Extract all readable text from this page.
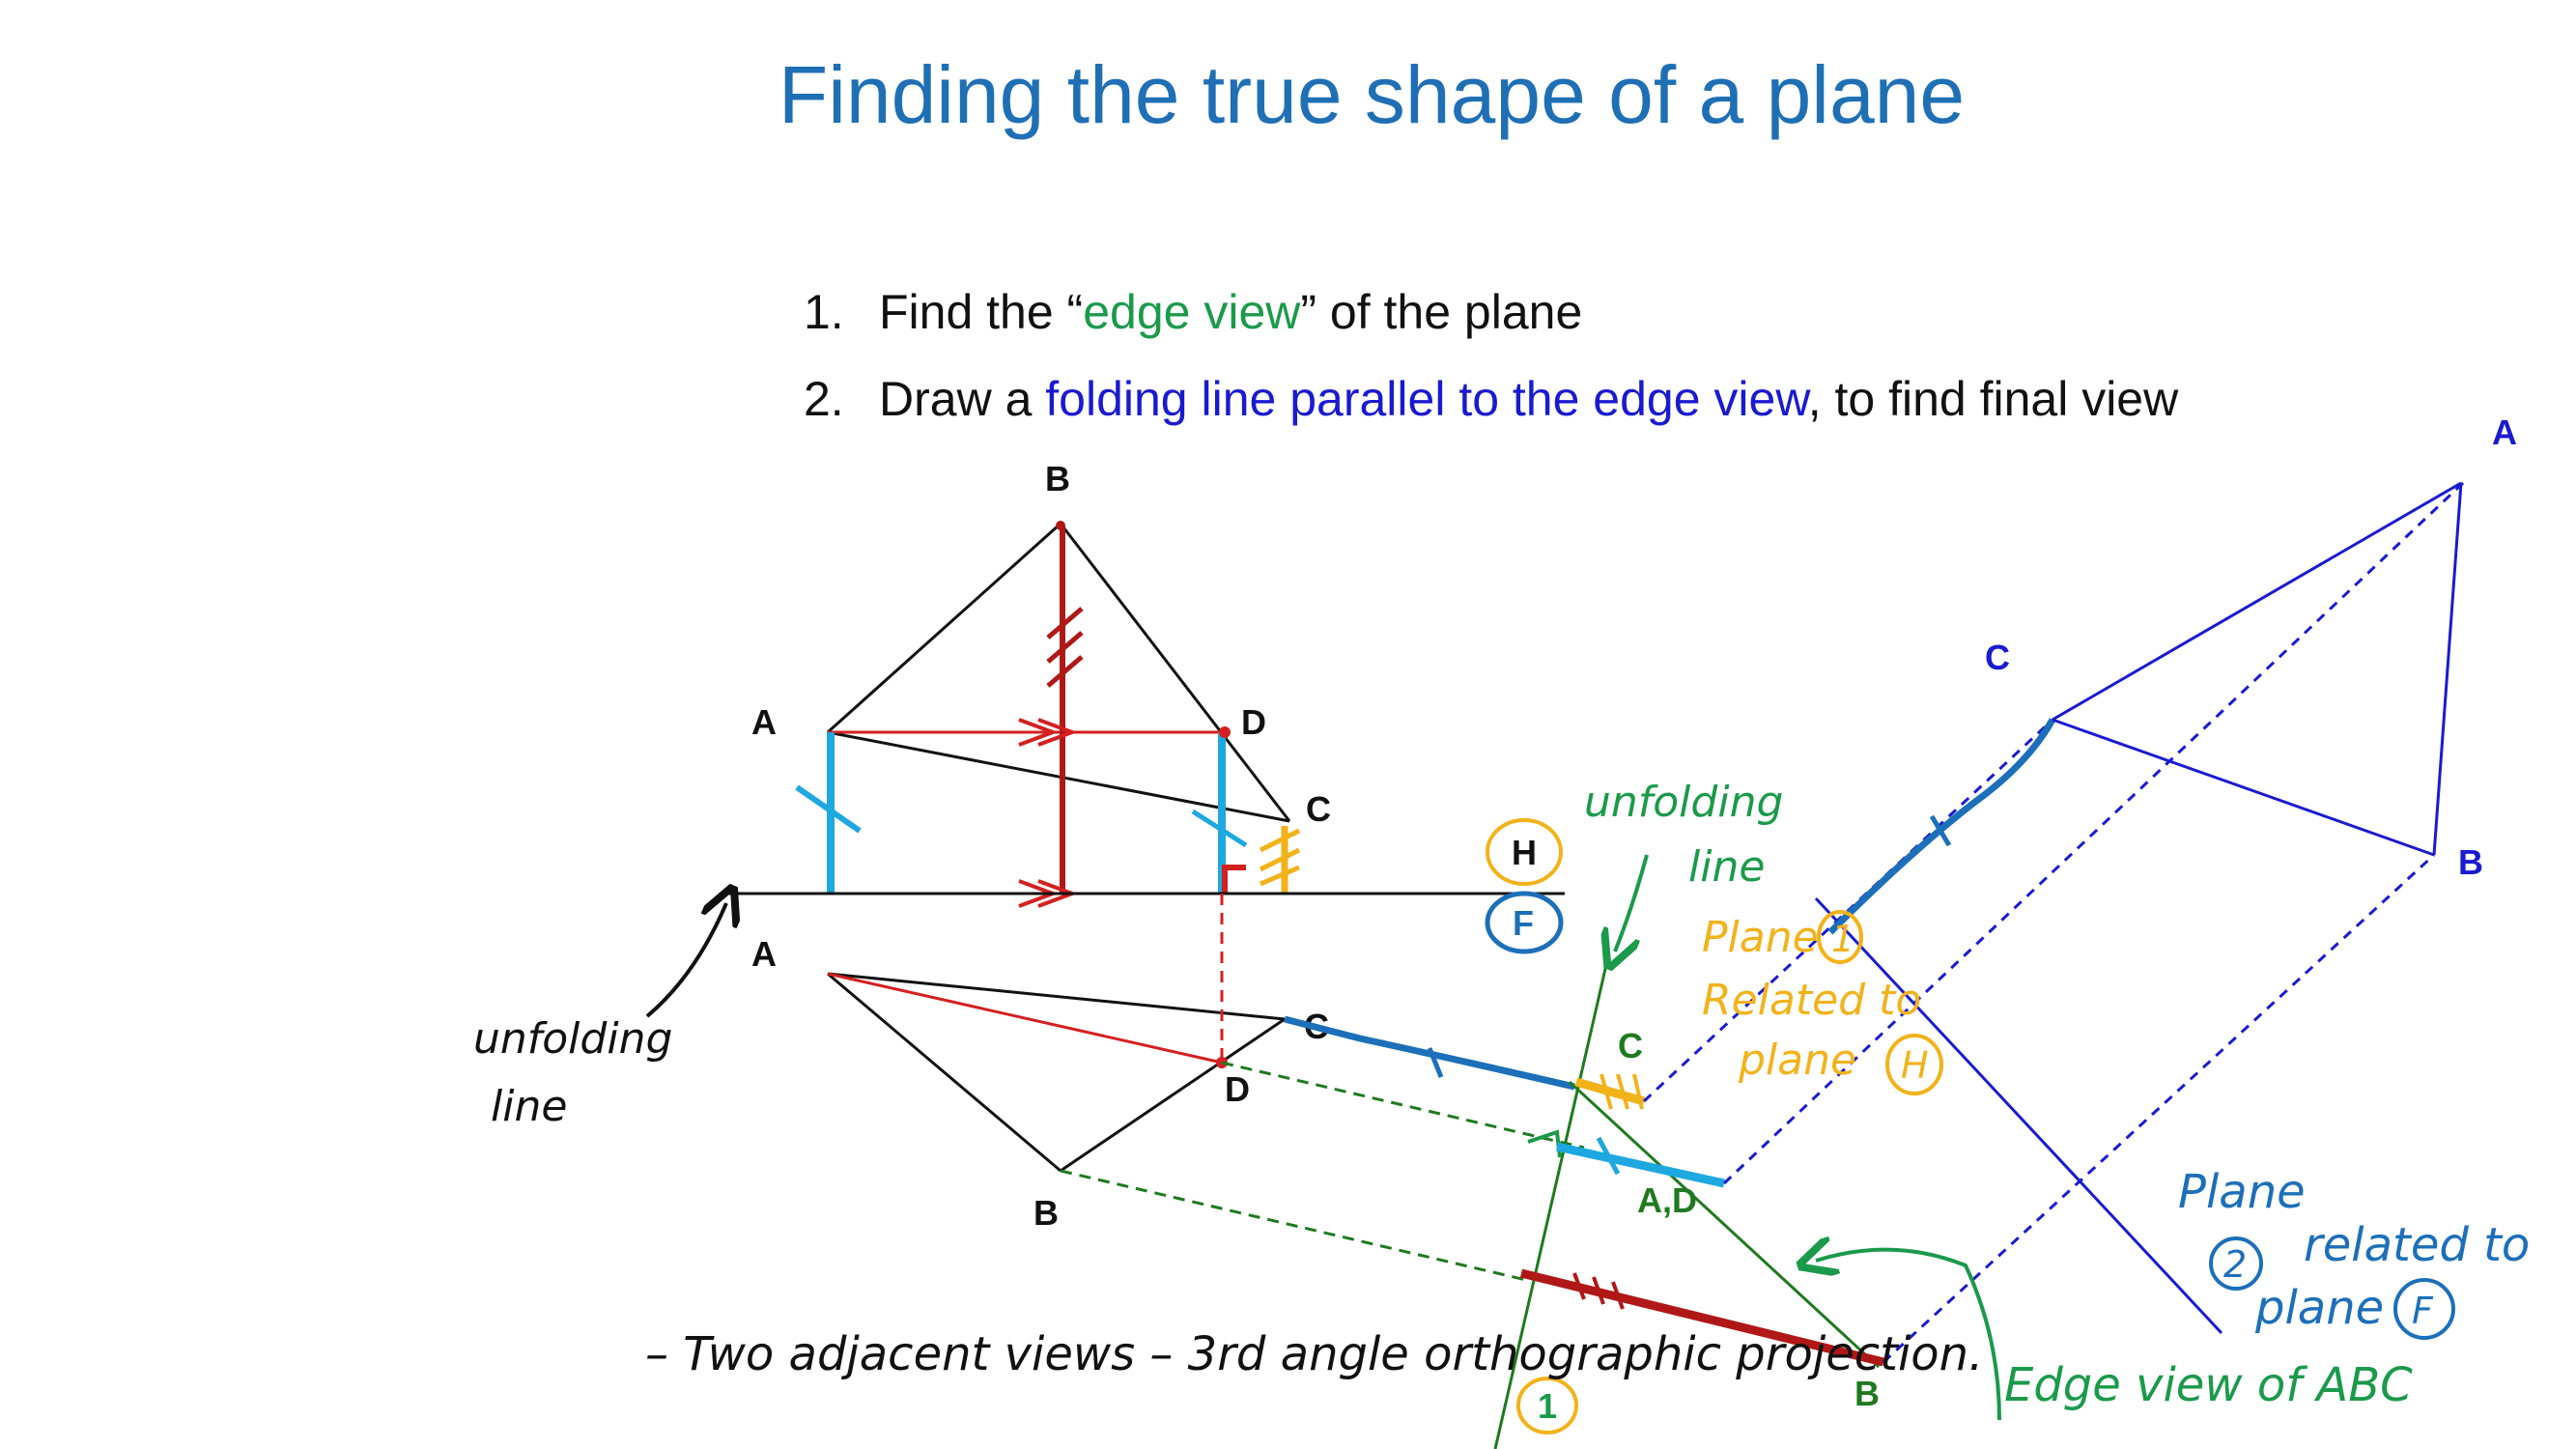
Finding the true shape of a plane
1. Find the “edge view” of the plane
2. Draw a folding line parallel to the edge view, to find final view
A
B
C
D
H
F
A
B
C
D
1
C
A,D
B
A
B
C
unfolding
line
unfolding
line
Plane 1
Related to
plane H
Plane
2 related to
plane F
– Two adjacent views – 3rd angle orthographic projection.
Edge view of ABC
